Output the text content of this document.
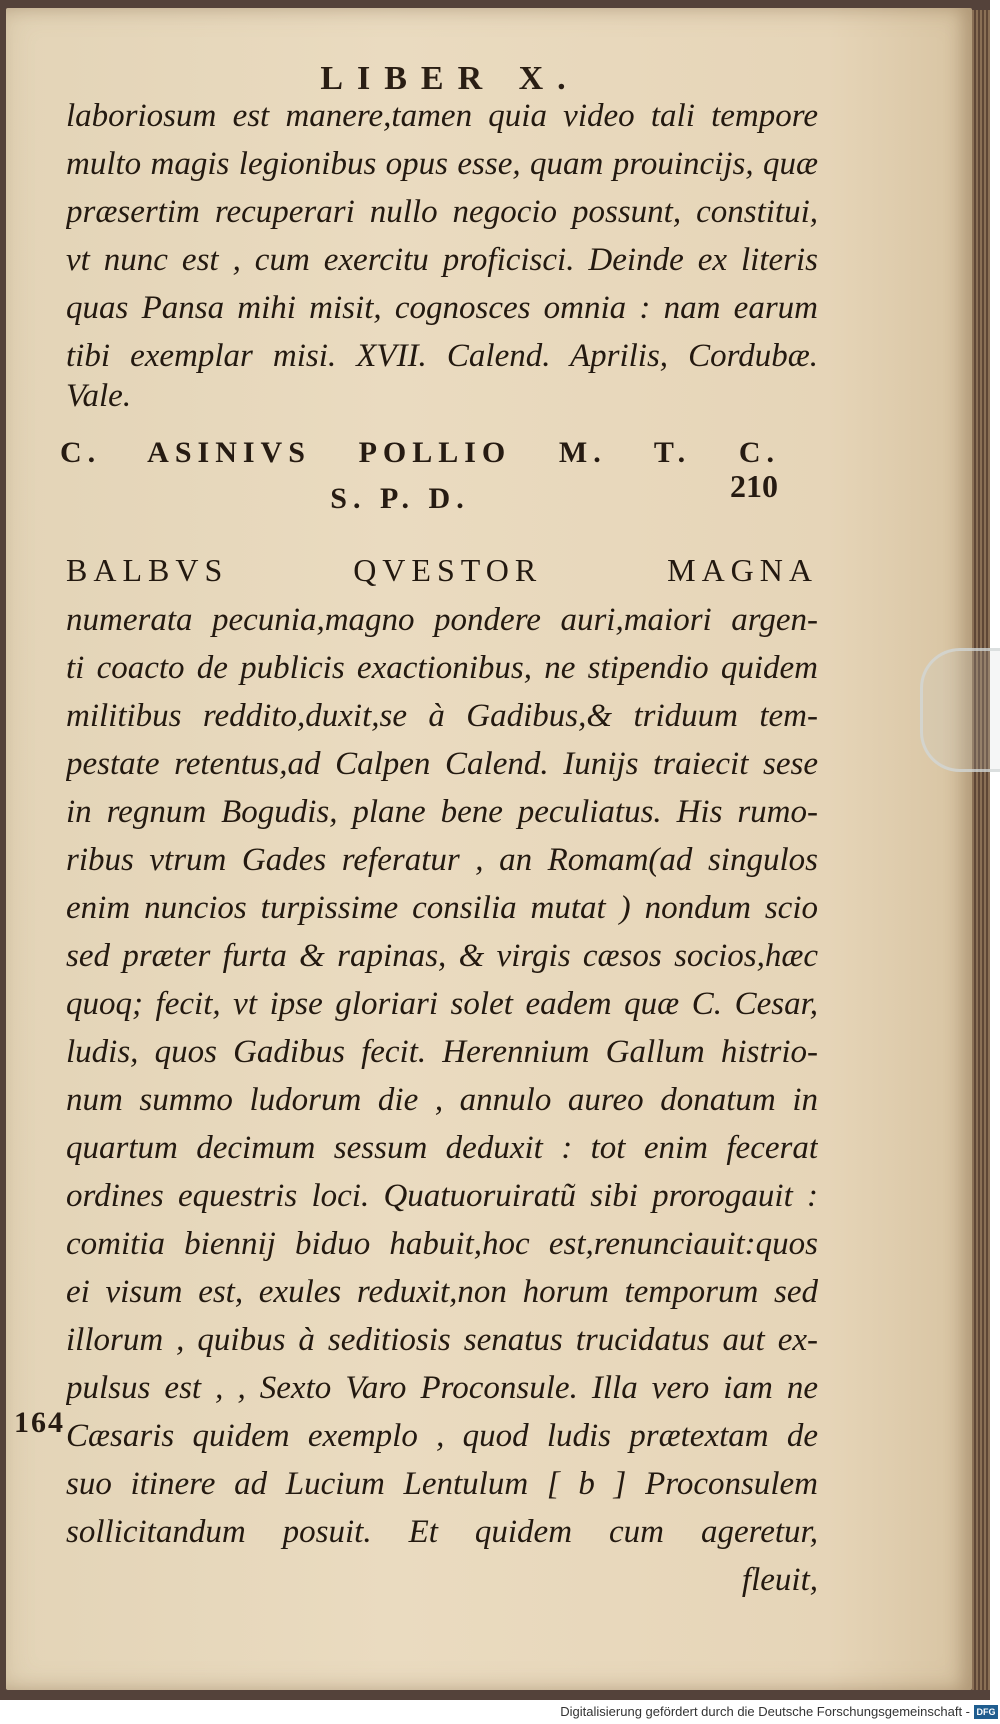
LIBER X.
laboriosum est manere,tamen quia video tali tempore
multo magis legionibus opus esse, quam prouincijs, quæ
præsertim recuperari nullo negocio possunt, constitui,
vt nunc est , cum exercitu proficisci. Deinde ex literis
quas Pansa mihi misit, cognosces omnia : nam earum
tibi exemplar misi. XVII. Calend. Aprilis, Cordubæ.
Vale.
C. ASINIVS POLLIO M. T. C.
S. P. D.	210
BALBVS QVESTOR MAGNA
numerata pecunia,magno pondere auri,maiori argen-
ti coacto de publicis exactionibus, ne stipendio quidem
militibus reddito,duxit,se à Gadibus,& triduum tem-
pestate retentus,ad Calpen Calend. Iunijs traiecit sese
in regnum Bogudis, plane bene peculiatus. His rumo-
ribus vtrum Gades referatur , an Romam(ad singulos
enim nuncios turpissime consilia mutat ) nondum scio
sed præter furta & rapinas, & virgis cæsos socios,hæc
quoq; fecit, vt ipse gloriari solet eadem quæ C. Cesar,
ludis, quos Gadibus fecit. Herennium Gallum histrio-
num summo ludorum die , annulo aureo donatum in
quartum decimum sessum deduxit : tot enim fecerat
ordines equestris loci. Quatuoruiratũ sibi prorogauit :
comitia biennij biduo habuit,hoc est,renunciauit:quos
ei visum est, exules reduxit,non horum temporum sed
illorum , quibus à seditiosis senatus trucidatus aut ex-
pulsus est , , Sexto Varo Proconsule. Illa vero iam ne
Cæsaris quidem exemplo , quod ludis prætextam de
suo itinere ad Lucium Lentulum [ b ] Proconsulem
sollicitandum posuit. Et quidem cum ageretur,
fleuit,
164
Digitalisierung gefördert durch die Deutsche Forschungsgemeinschaft - DFG
